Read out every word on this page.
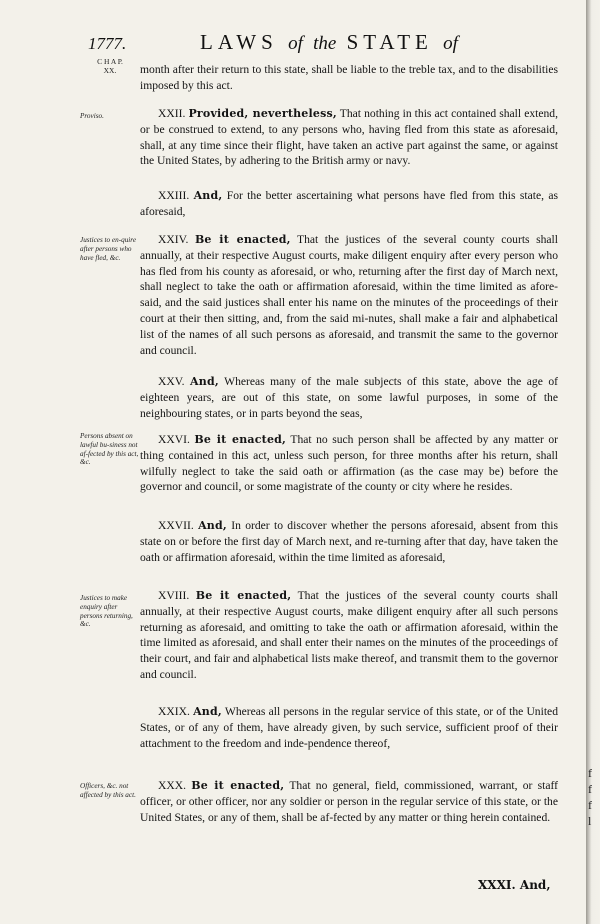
1777.	LAWS of the STATE of
C H A P.
XX.
Proviso.
Justices to en-quire after persons who have fled, &c.
Persons absent on lawful bu-siness not af-fected by this act, &c.
Justices to make enquiry after persons returning, &c.
Officers, &c. not affected by this act.
month after their return to this state, shall be liable to the treble tax, and to the disabilities imposed by this act.
XXII. Provided, nevertheless, That nothing in this act contained shall extend, or be construed to extend, to any persons who, having fled from this state as aforesaid, shall, at any time since their flight, have taken an active part against the same, or against the United States, by adhering to the British army or navy.
XXIII. And, For the better ascertaining what persons have fled from this state, as aforesaid,
XXIV. Be it enacted, That the justices of the several county courts shall annually, at their respective August courts, make diligent enquiry after every person who has fled from his county as aforesaid, or who, returning after the first day of March next, shall neglect to take the oath or affirmation aforesaid, within the time limited as afore-said, and the said justices shall enter his name on the minutes of the proceedings of their court at their then sitting, and, from the said mi-nutes, shall make a fair and alphabetical list of the names of all such persons as aforesaid, and transmit the same to the governor and council.
XXV. And, Whereas many of the male subjects of this state, above the age of eighteen years, are out of this state, on some lawful purposes, in some of the neighbouring states, or in parts beyond the seas,
XXVI. Be it enacted, That no such person shall be affected by any matter or thing contained in this act, unless such person, for three months after his return, shall wilfully neglect to take the said oath or affirmation (as the case may be) before the governor and council, or some magistrate of the county or city where he resides.
XXVII. And, In order to discover whether the persons aforesaid, absent from this state on or before the first day of March next, and re-turning after that day, have taken the oath or affirmation aforesaid, within the time limited as aforesaid,
XVIII. Be it enacted, That the justices of the several county courts shall annually, at their respective August courts, make diligent enquiry after all such persons returning as aforesaid, and omitting to take the oath or affirmation aforesaid, within the time limited as aforesaid, and shall enter their names on the minutes of the proceedings of their court, and fair and alphabetical lists make thereof, and transmit them to the governor and council.
XXIX. And, Whereas all persons in the regular service of this state, or of the United States, or of any of them, have already given, by such service, sufficient proof of their attachment to the freedom and inde-pendence thereof,
XXX. Be it enacted, That no general, field, commissioned, warrant, or staff officer, or other officer, nor any soldier or person in the regular service of this state, or the United States, or any of them, shall be af-fected by any matter or thing herein contained.
XXXI. And,
f
f
f
l
